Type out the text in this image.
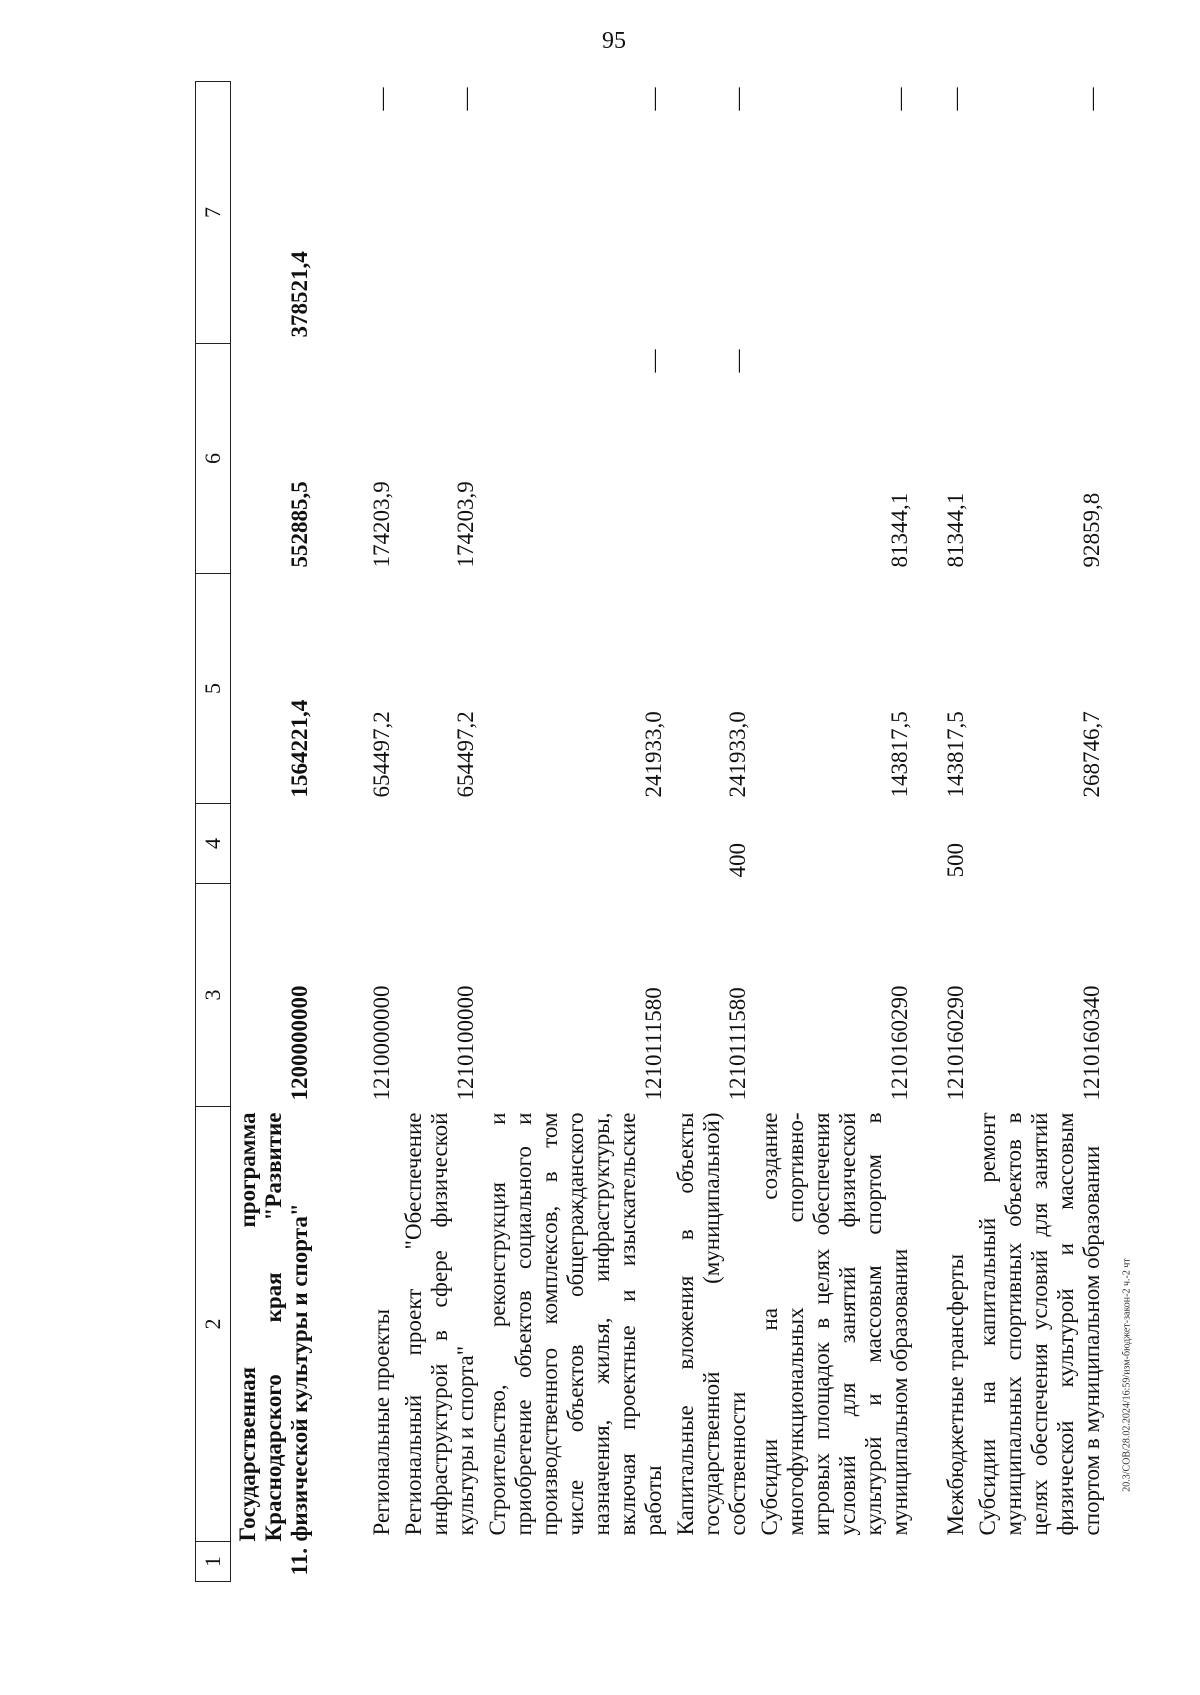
95
1	2	3	4	5	6	7
11.	Государственная программа Краснодарского края "Развитие физической культуры и спорта"	1200000000		1564221,4	552885,5	378521,4
	Региональные проекты	1210000000		654497,2	174203,9	—
	Региональный проект "Обеспечение инфраструктурой в сфере физической культуры и спорта"	1210100000		654497,2	174203,9	—
	Строительство, реконструкция и приобретение объектов социального и производственного комплексов, в том числе объектов общегражданского назначения, жилья, инфраструктуры, включая проектные и изыскательские работы	1210111580		241933,0	—	—
	Капитальные вложения в объекты государственной (муниципальной) собственности	1210111580	400	241933,0	—	—
	Субсидии на создание многофункциональных спортивно-игровых площадок в целях обеспечения условий для занятий физической культурой и массовым спортом в муниципальном образовании	1210160290		143817,5	81344,1	—
	Межбюджетные трансферты	1210160290	500	143817,5	81344,1	—
	Субсидии на капитальный ремонт муниципальных спортивных объектов в целях обеспечения условий для занятий физической культурой и массовым спортом в муниципальном образовании	1210160340		268746,7	92859,8	—
20.3/СОВ/28.02.2024/16:59/изм-бюджет-закон-2 ч.-2 чт
